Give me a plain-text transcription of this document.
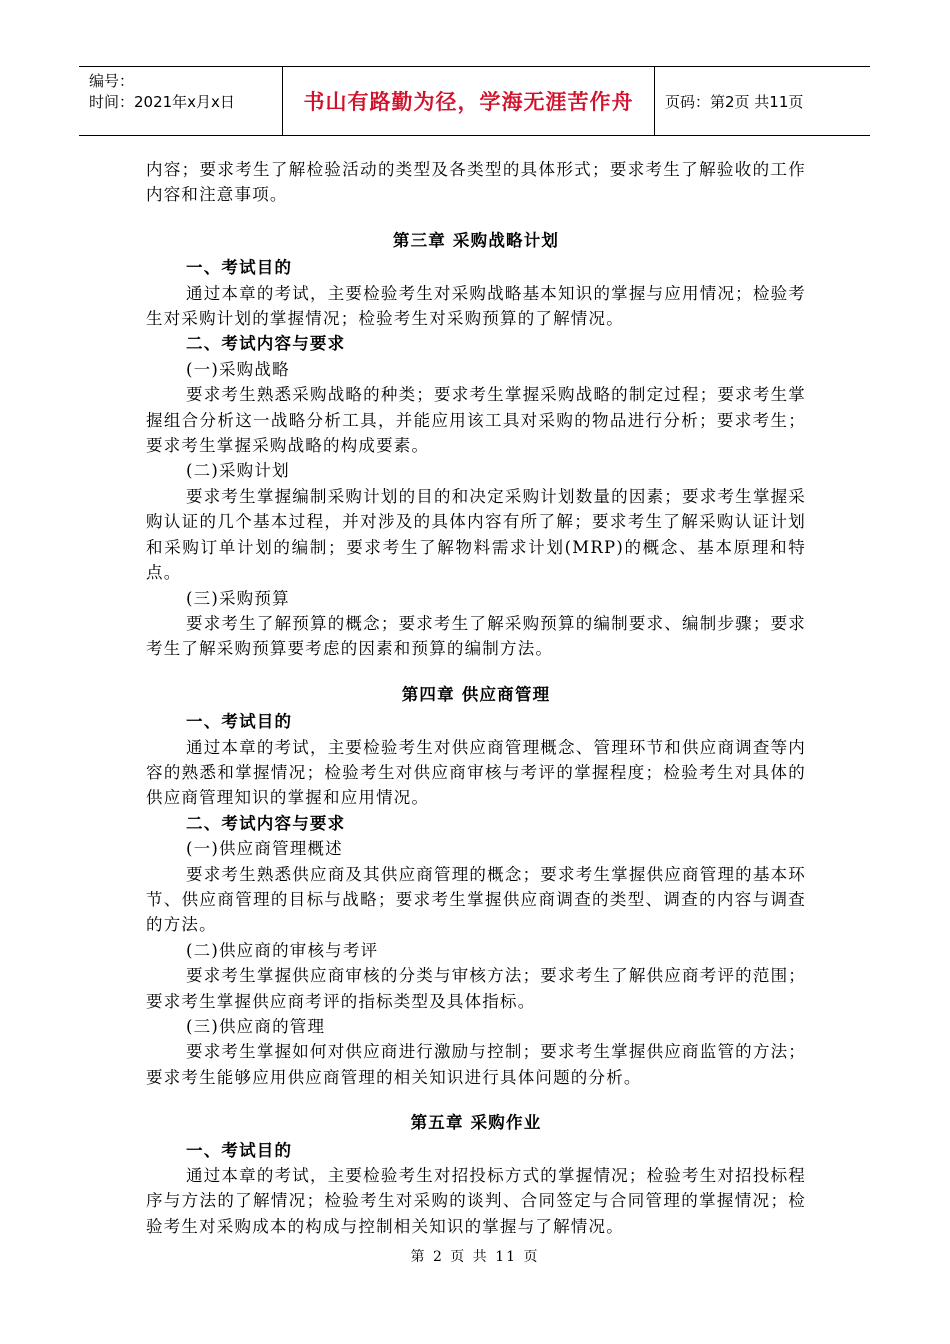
编号：
时间：2021年x月x日	书山有路勤为径，学海无涯苦作舟	页码：第2页 共11页

内容；要求考生了解检验活动的类型及各类型的具体形式；要求考生了解验收的工作内容和注意事项。

第三章 采购战略计划

一、考试目的

通过本章的考试，主要检验考生对采购战略基本知识的掌握与应用情况；检验考生对采购计划的掌握情况；检验考生对采购预算的了解情况。

二、考试内容与要求

(一)采购战略

要求考生熟悉采购战略的种类；要求考生掌握采购战略的制定过程；要求考生掌握组合分析这一战略分析工具，并能应用该工具对采购的物品进行分析；要求考生；要求考生掌握采购战略的构成要素。

(二)采购计划

要求考生掌握编制采购计划的目的和决定采购计划数量的因素；要求考生掌握采购认证的几个基本过程，并对涉及的具体内容有所了解；要求考生了解采购认证计划和采购订单计划的编制；要求考生了解物料需求计划(MRP)的概念、基本原理和特点。

(三)采购预算

要求考生了解预算的概念；要求考生了解采购预算的编制要求、编制步骤；要求考生了解采购预算要考虑的因素和预算的编制方法。

第四章 供应商管理

一、考试目的

通过本章的考试，主要检验考生对供应商管理概念、管理环节和供应商调查等内容的熟悉和掌握情况；检验考生对供应商审核与考评的掌握程度；检验考生对具体的供应商管理知识的掌握和应用情况。

二、考试内容与要求

(一)供应商管理概述

要求考生熟悉供应商及其供应商管理的概念；要求考生掌握供应商管理的基本环节、供应商管理的目标与战略；要求考生掌握供应商调查的类型、调查的内容与调查的方法。

(二)供应商的审核与考评

要求考生掌握供应商审核的分类与审核方法；要求考生了解供应商考评的范围；要求考生掌握供应商考评的指标类型及具体指标。

(三)供应商的管理

要求考生掌握如何对供应商进行激励与控制；要求考生掌握供应商监管的方法；要求考生能够应用供应商管理的相关知识进行具体问题的分析。

第五章 采购作业

一、考试目的

通过本章的考试，主要检验考生对招投标方式的掌握情况；检验考生对招投标程序与方法的了解情况；检验考生对采购的谈判、合同签定与合同管理的掌握情况；检验考生对采购成本的构成与控制相关知识的掌握与了解情况。

第 2 页 共 11 页
